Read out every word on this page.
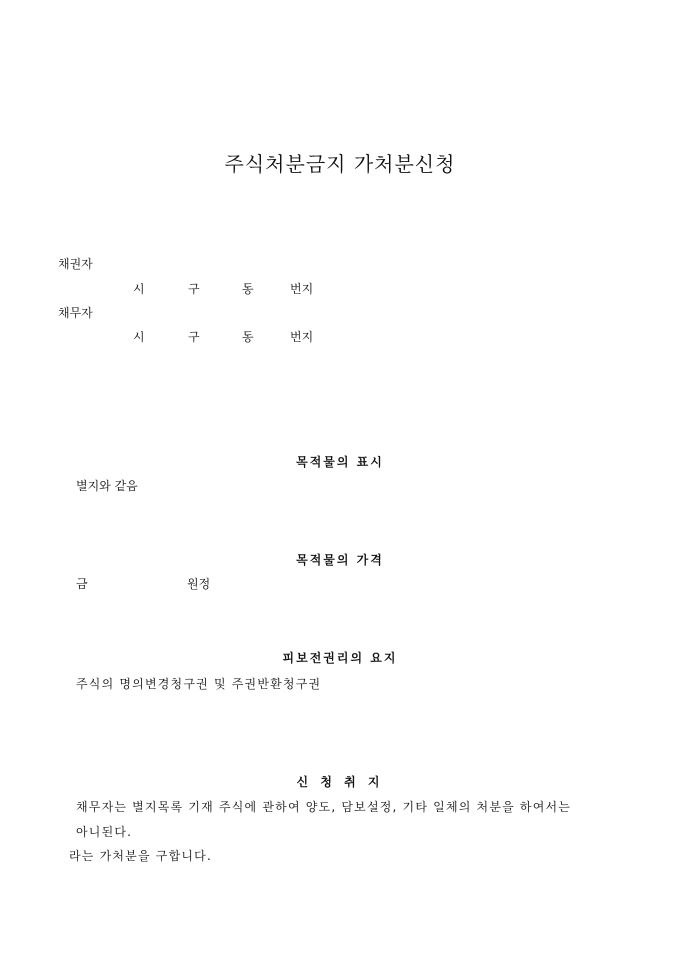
주식처분금지 가처분신청
채권자
시	구	동	번지
채무자
시	구	동	번지
목적물의 표시
별지와 같음
목적물의 가격
금	원정
피보전권리의 요지
주식의 명의변경청구권 및 주권반환청구권
신 청 취 지
채무자는 별지목록 기재 주식에 관하여 양도, 담보설정, 기타 일체의 처분을 하여서는
아니된다.
라는 가처분을 구합니다.
